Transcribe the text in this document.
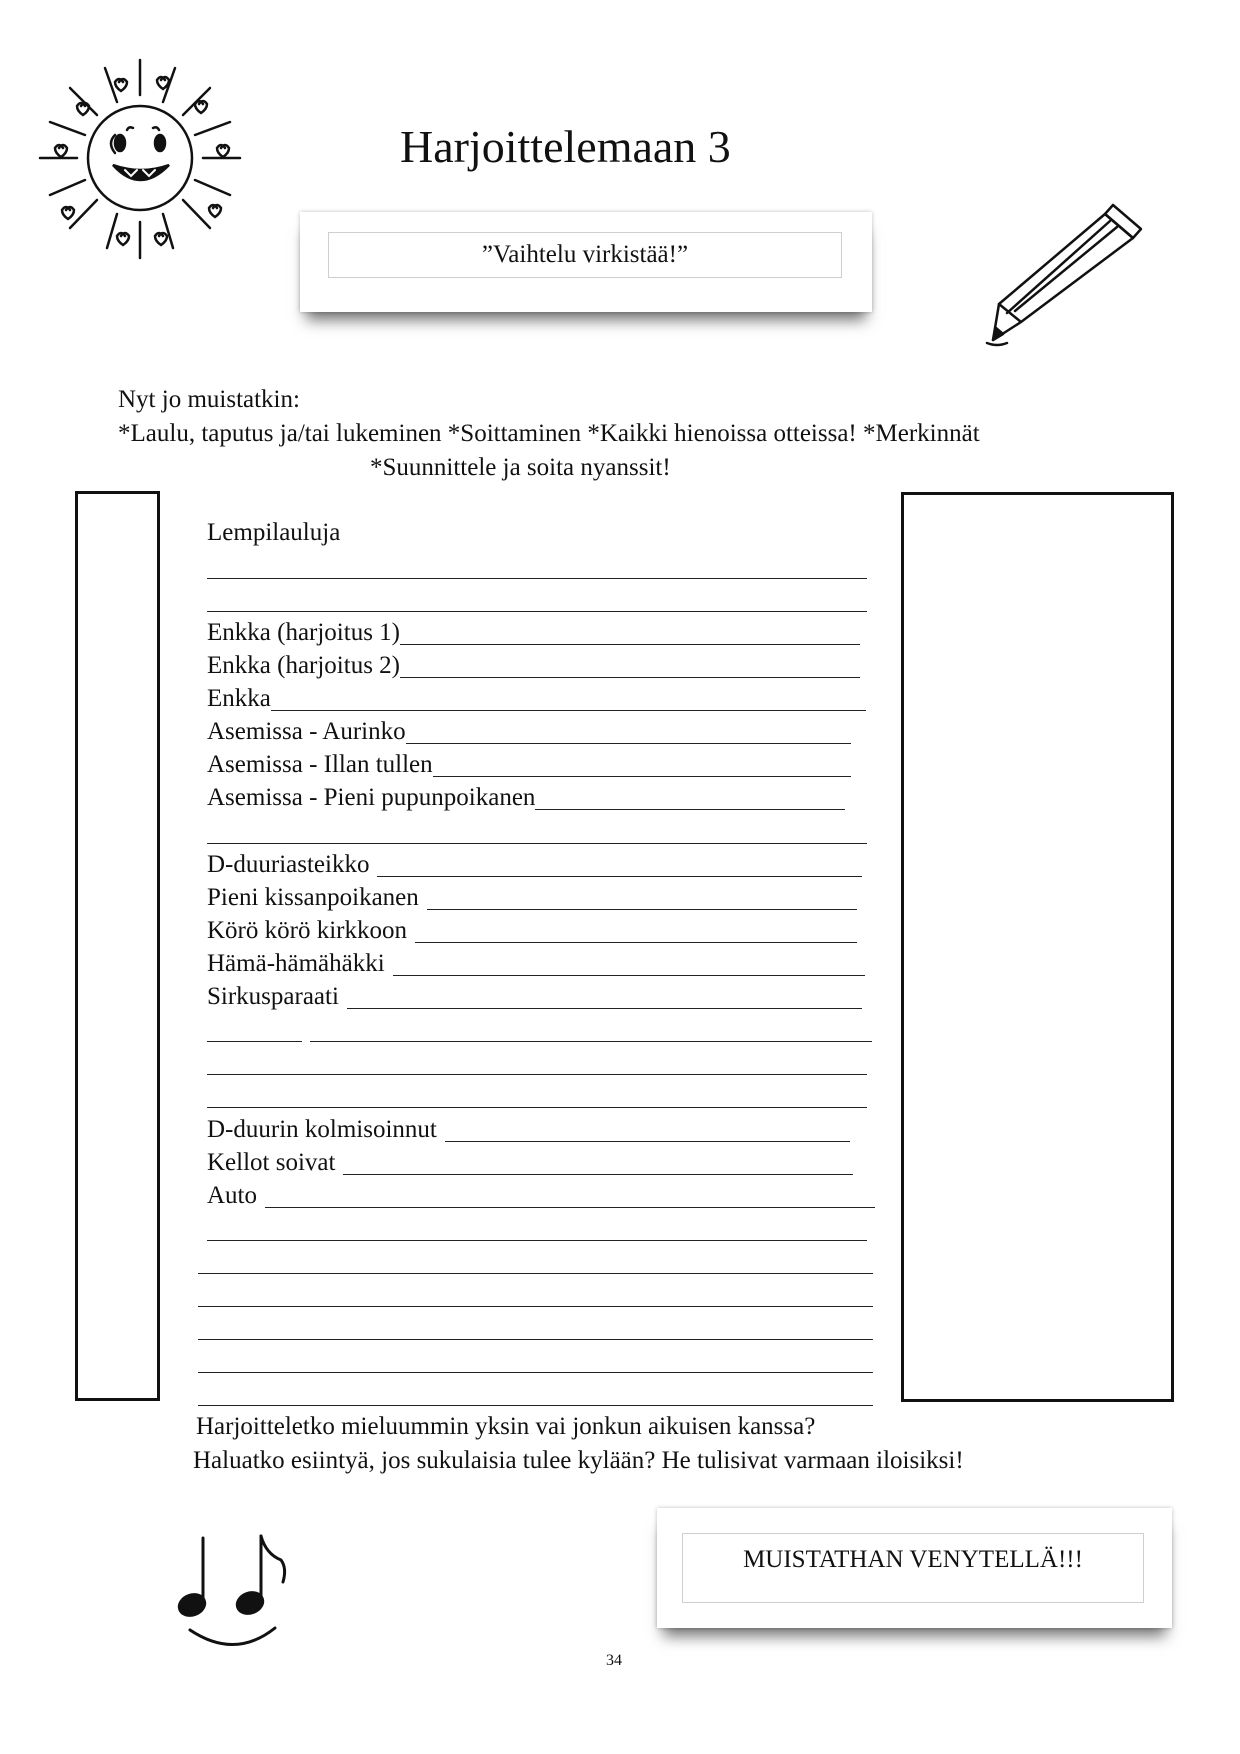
Harjoittelemaan 3
”Vaihtelu virkistää!”
Nyt jo muistatkin:
*Laulu, taputus ja/tai lukeminen *Soittaminen *Kaikki hienoissa otteissa! *Merkinnät
*Suunnittele ja soita nyanssit!
Lempilauluja
Enkka (harjoitus 1)
Enkka (harjoitus 2)
Enkka
Asemissa - Aurinko
Asemissa - Illan tullen
Asemissa - Pieni pupunpoikanen
D-duuriasteikko
Pieni kissanpoikanen
Körö körö kirkkoon
Hämä-hämähäkki
Sirkusparaati
D-duurin kolmisoinnut
Kellot soivat
Auto
Harjoitteletko mieluummin yksin vai jonkun aikuisen kanssa?
Haluatko esiintyä, jos sukulaisia tulee kylään? He tulisivat varmaan iloisiksi!
34
MUISTATHAN VENYTELLÄ!!!
